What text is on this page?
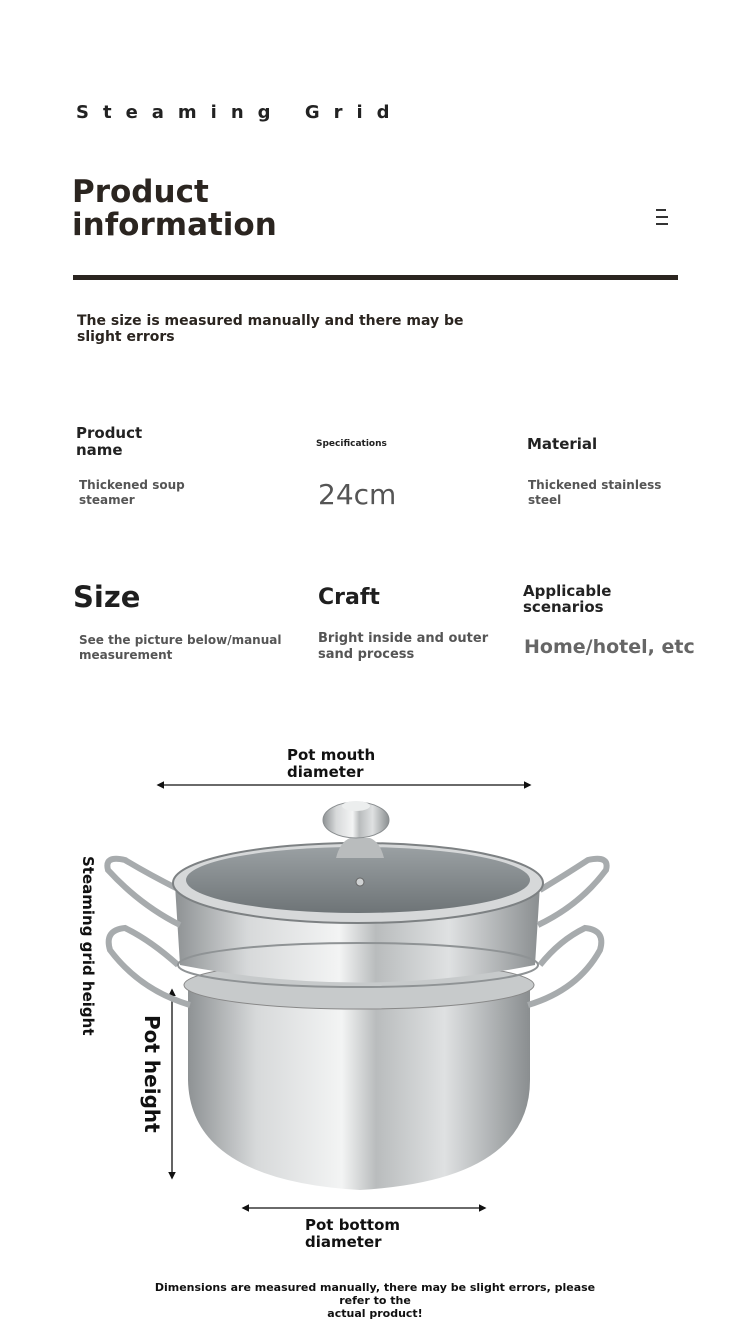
Steaming Grid
Product
information
The size is measured manually and there may be slight errors
Product
name
Thickened soup
steamer
Specifications
24cm
Material
Thickened stainless
steel
Size
See the picture below/manual
measurement
Craft
Bright inside and outer
sand process
Applicable
scenarios
Home/hotel, etc
Pot mouth
diameter
Steaming grid height
Pot height
Pot bottom
diameter
Dimensions are measured manually, there may be slight errors, please refer to the
actual product!
